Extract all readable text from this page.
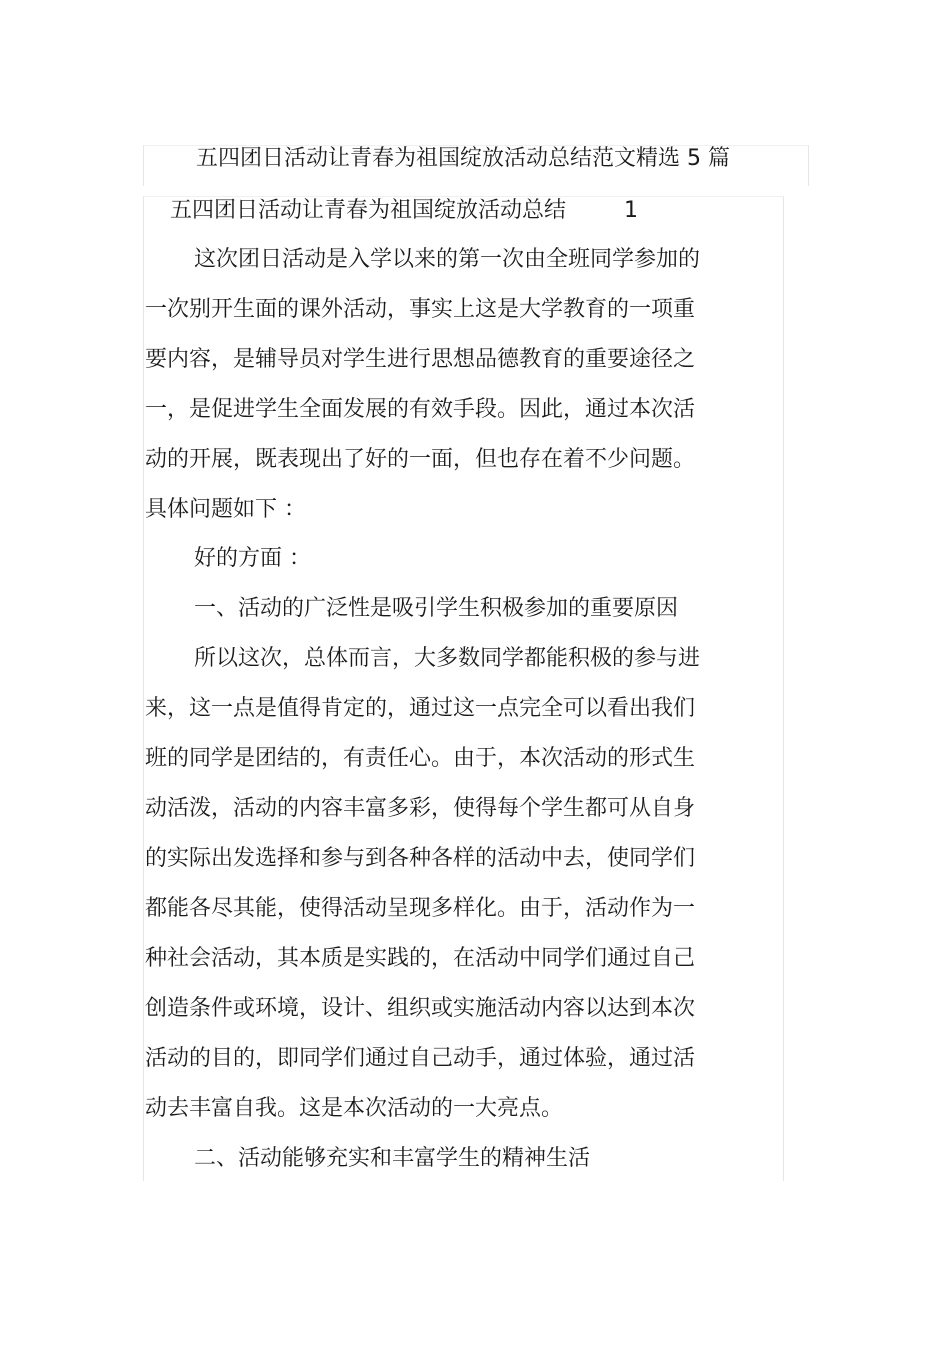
五四团日活动让青春为祖国绽放活动总结范文精选 5 篇
五四团日活动让青春为祖国绽放活动总结	1
这次团日活动是入学以来的第一次由全班同学参加的
一次别开生面的课外活动，事实上这是大学教育的一项重
要内容，是辅导员对学生进行思想品德教育的重要途径之
一，是促进学生全面发展的有效手段。因此，通过本次活
动的开展，既表现出了好的一面，但也存在着不少问题。
具体问题如下 ：
好的方面 ：
一、活动的广泛性是吸引学生积极参加的重要原因
所以这次，总体而言，大多数同学都能积极的参与进
来，这一点是值得肯定的，通过这一点完全可以看出我们
班的同学是团结的，有责任心。由于，本次活动的形式生
动活泼，活动的内容丰富多彩，使得每个学生都可从自身
的实际出发选择和参与到各种各样的活动中去，使同学们
都能各尽其能，使得活动呈现多样化。由于，活动作为一
种社会活动，其本质是实践的，在活动中同学们通过自己
创造条件或环境，设计、组织或实施活动内容以达到本次
活动的目的，即同学们通过自己动手，通过体验，通过活
动去丰富自我。这是本次活动的一大亮点。
二、活动能够充实和丰富学生的精神生活
